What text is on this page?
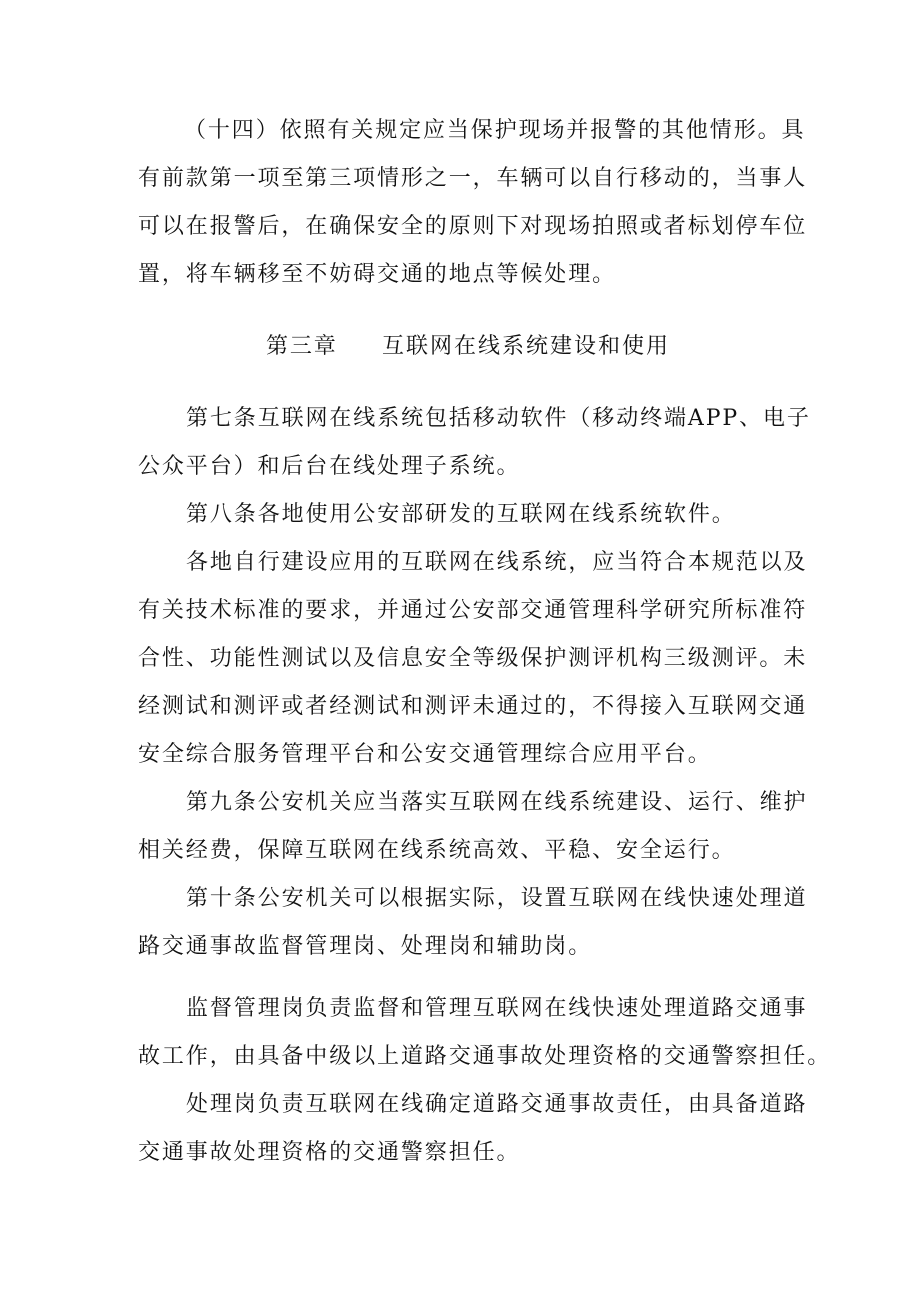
（十四）依照有关规定应当保护现场并报警的其他情形。具
有前款第一项至第三项情形之一，车辆可以自行移动的，当事人
可以在报警后，在确保安全的原则下对现场拍照或者标划停车位
置，将车辆移至不妨碍交通的地点等候处理。
第三章 互联网在线系统建设和使用
第七条互联网在线系统包括移动软件（移动终端APP、电子
公众平台）和后台在线处理子系统。
第八条各地使用公安部研发的互联网在线系统软件。
各地自行建设应用的互联网在线系统，应当符合本规范以及
有关技术标准的要求，并通过公安部交通管理科学研究所标准符
合性、功能性测试以及信息安全等级保护测评机构三级测评。未
经测试和测评或者经测试和测评未通过的，不得接入互联网交通
安全综合服务管理平台和公安交通管理综合应用平台。
第九条公安机关应当落实互联网在线系统建设、运行、维护
相关经费，保障互联网在线系统高效、平稳、安全运行。
第十条公安机关可以根据实际，设置互联网在线快速处理道
路交通事故监督管理岗、处理岗和辅助岗。
监督管理岗负责监督和管理互联网在线快速处理道路交通事
故工作，由具备中级以上道路交通事故处理资格的交通警察担任。
处理岗负责互联网在线确定道路交通事故责任，由具备道路
交通事故处理资格的交通警察担任。
